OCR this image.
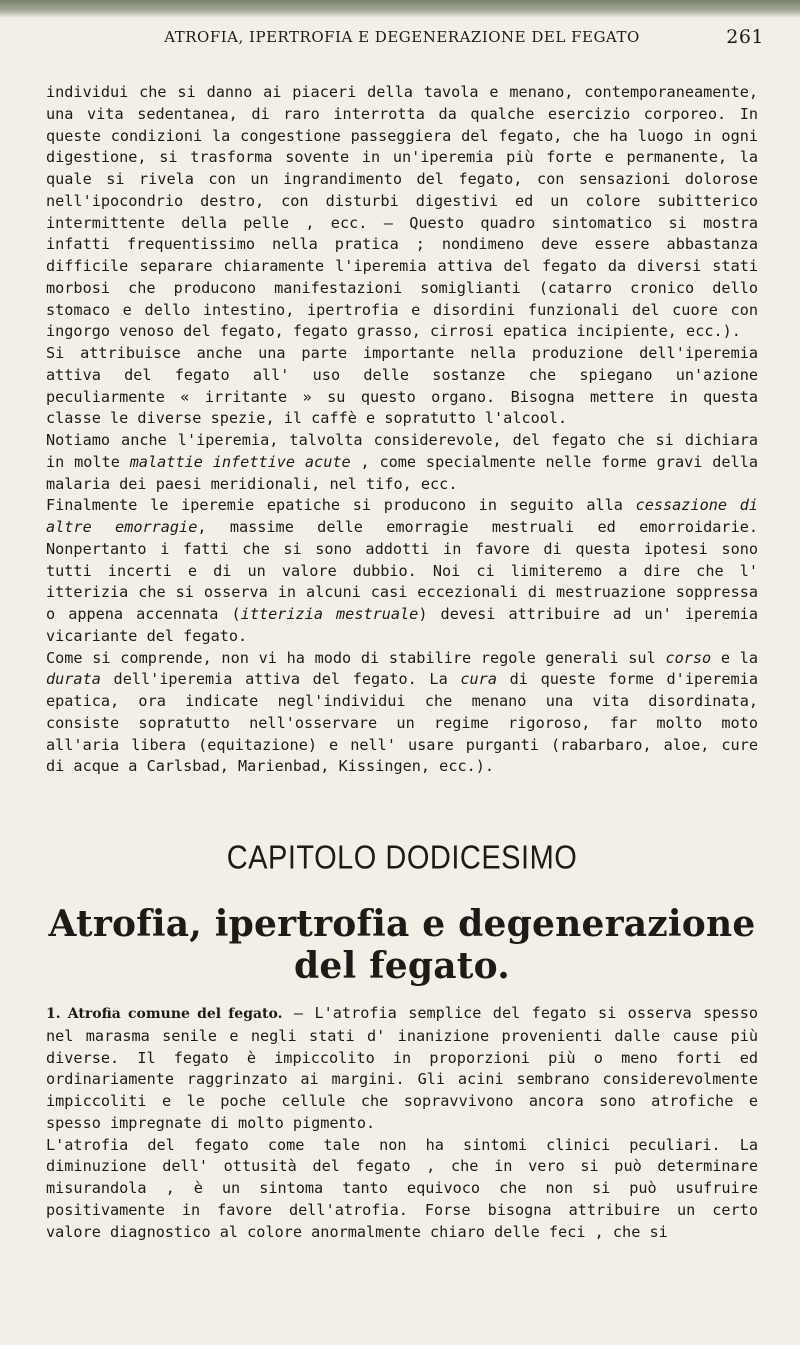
ATROFIA, IPERTROFIA E DEGENERAZIONE DEL FEGATO	261

individui che si danno ai piaceri della tavola e menano, contemporaneamente, una vita sedentanea, di raro interrotta da qualche esercizio corporeo. In queste condizioni la congestione passeggiera del fegato, che ha luogo in ogni digestione, si trasforma sovente in un'iperemia più forte e permanente, la quale si rivela con un ingrandimento del fegato, con sensazioni dolorose nell'ipocondrio destro, con disturbi digestivi ed un colore subitterico intermittente della pelle , ecc. — Questo quadro sintomatico si mostra infatti frequentissimo nella pratica ; nondimeno deve essere abbastanza difficile separare chiaramente l'iperemia attiva del fegato da diversi stati morbosi che producono manifestazioni somiglianti (catarro cronico dello stomaco e dello intestino, ipertrofia e disordini funzionali del cuore con ingorgo venoso del fegato, fegato grasso, cirrosi epatica incipiente, ecc.).

Si attribuisce anche una parte importante nella produzione dell'iperemia attiva del fegato all' uso delle sostanze che spiegano un'azione peculiarmente « irritante » su questo organo. Bisogna mettere in questa classe le diverse spezie, il caffè e sopratutto l'alcool.

Notiamo anche l'iperemia, talvolta considerevole, del fegato che si dichiara in molte malattie infettive acute , come specialmente nelle forme gravi della malaria dei paesi meridionali, nel tifo, ecc.

Finalmente le iperemie epatiche si producono in seguito alla cessazione di altre emorragie, massime delle emorragie mestruali ed emorroidarie. Nonpertanto i fatti che si sono addotti in favore di questa ipotesi sono tutti incerti e di un valore dubbio. Noi ci limiteremo a dire che l' itterizia che si osserva in alcuni casi eccezionali di mestruazione soppressa o appena accennata (itterizia mestruale) devesi attribuire ad un' iperemia vicariante del fegato.

Come si comprende, non vi ha modo di stabilire regole generali sul corso e la durata dell'iperemia attiva del fegato. La cura di queste forme d'iperemia epatica, ora indicate negl'individui che menano una vita disordinata, consiste sopratutto nell'osservare un regime rigoroso, far molto moto all'aria libera (equitazione) e nell' usare purganti (rabarbaro, aloe, cure di acque a Carlsbad, Marienbad, Kissingen, ecc.).

CAPITOLO DODICESIMO
Atrofia, ipertrofia e degenerazione del fegato.

1. Atrofia comune del fegato. — L'atrofia semplice del fegato si osserva spesso nel marasma senile e negli stati d' inanizione provenienti dalle cause più diverse. Il fegato è impiccolito in proporzioni più o meno forti ed ordinariamente raggrinzato ai margini. Gli acini sembrano considerevolmente impiccoliti e le poche cellule che sopravvivono ancora sono atrofiche e spesso impregnate di molto pigmento.

L'atrofia del fegato come tale non ha sintomi clinici peculiari. La diminuzione dell' ottusità del fegato , che in vero si può determinare misurandola , è un sintoma tanto equivoco che non si può usufruire positivamente in favore dell'atrofia. Forse bisogna attribuire un certo valore diagnostico al colore anormalmente chiaro delle feci , che si
